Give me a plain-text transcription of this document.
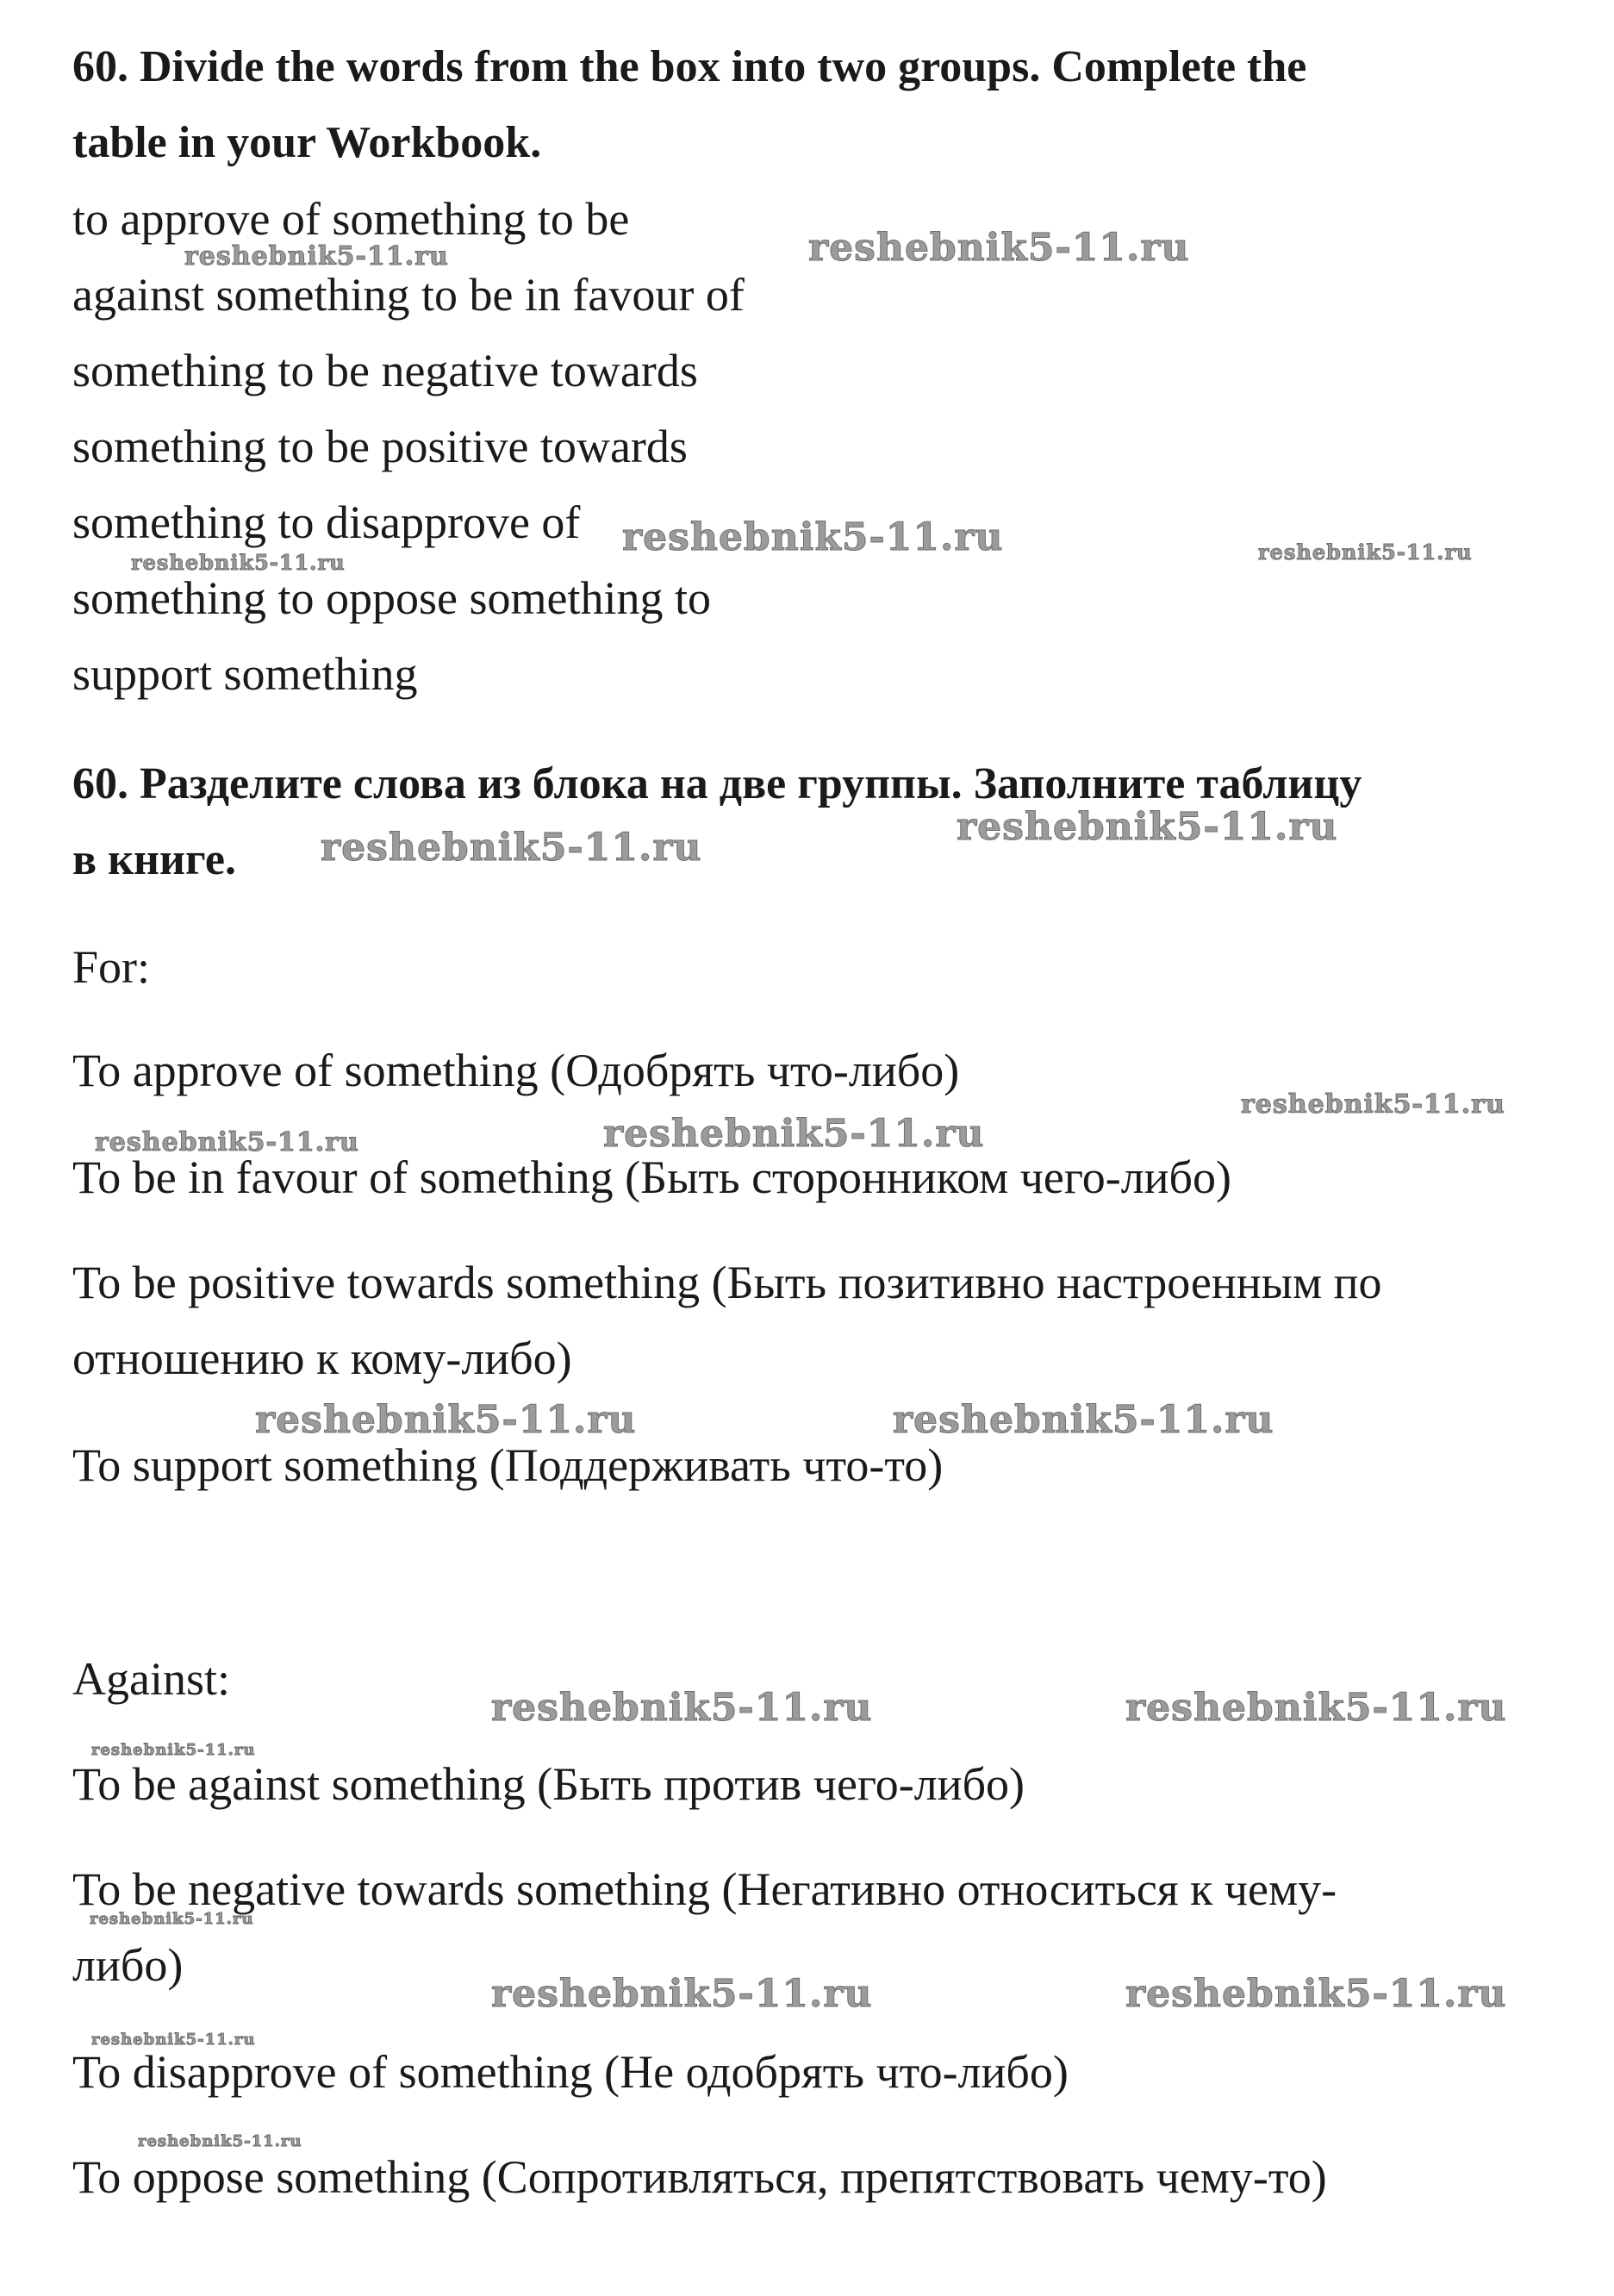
60. Divide the words from the box into two groups. Complete the
table in your Workbook.
to approve of something to be
against something to be in favour of
something to be negative towards
something to be positive towards
something to disapprove of
something to oppose something to
support something
60. Разделите слова из блока на две группы. Заполните таблицу
в книге.
For:
To approve of something (Одобрять что-либо)
To be in favour of something (Быть сторонником чего-либо)
To be positive towards something (Быть позитивно настроенным по
отношению к кому-либо)
To support something (Поддерживать что-то)
Against:
To be against something (Быть против чего-либо)
To be negative towards something (Негативно относиться к чему-
либо)
To disapprove of something (Не одобрять что-либо)
To oppose something (Сопротивляться, препятствовать чему-то)
reshebnik5-11.ru
reshebnik5-11.ru
reshebnik5-11.ru
reshebnik5-11.ru	reshebnik5-11.ru
reshebnik5-11.ru
reshebnik5-11.ru
reshebnik5-11.ru
reshebnik5-11.ru
reshebnik5-11.ru
reshebnik5-11.ru	reshebnik5-11.ru
reshebnik5-11.ru	reshebnik5-11.ru
reshebnik5-11.ru
reshebnik5-11.ru
reshebnik5-11.ru	reshebnik5-11.ru
reshebnik5-11.ru
reshebnik5-11.ru
